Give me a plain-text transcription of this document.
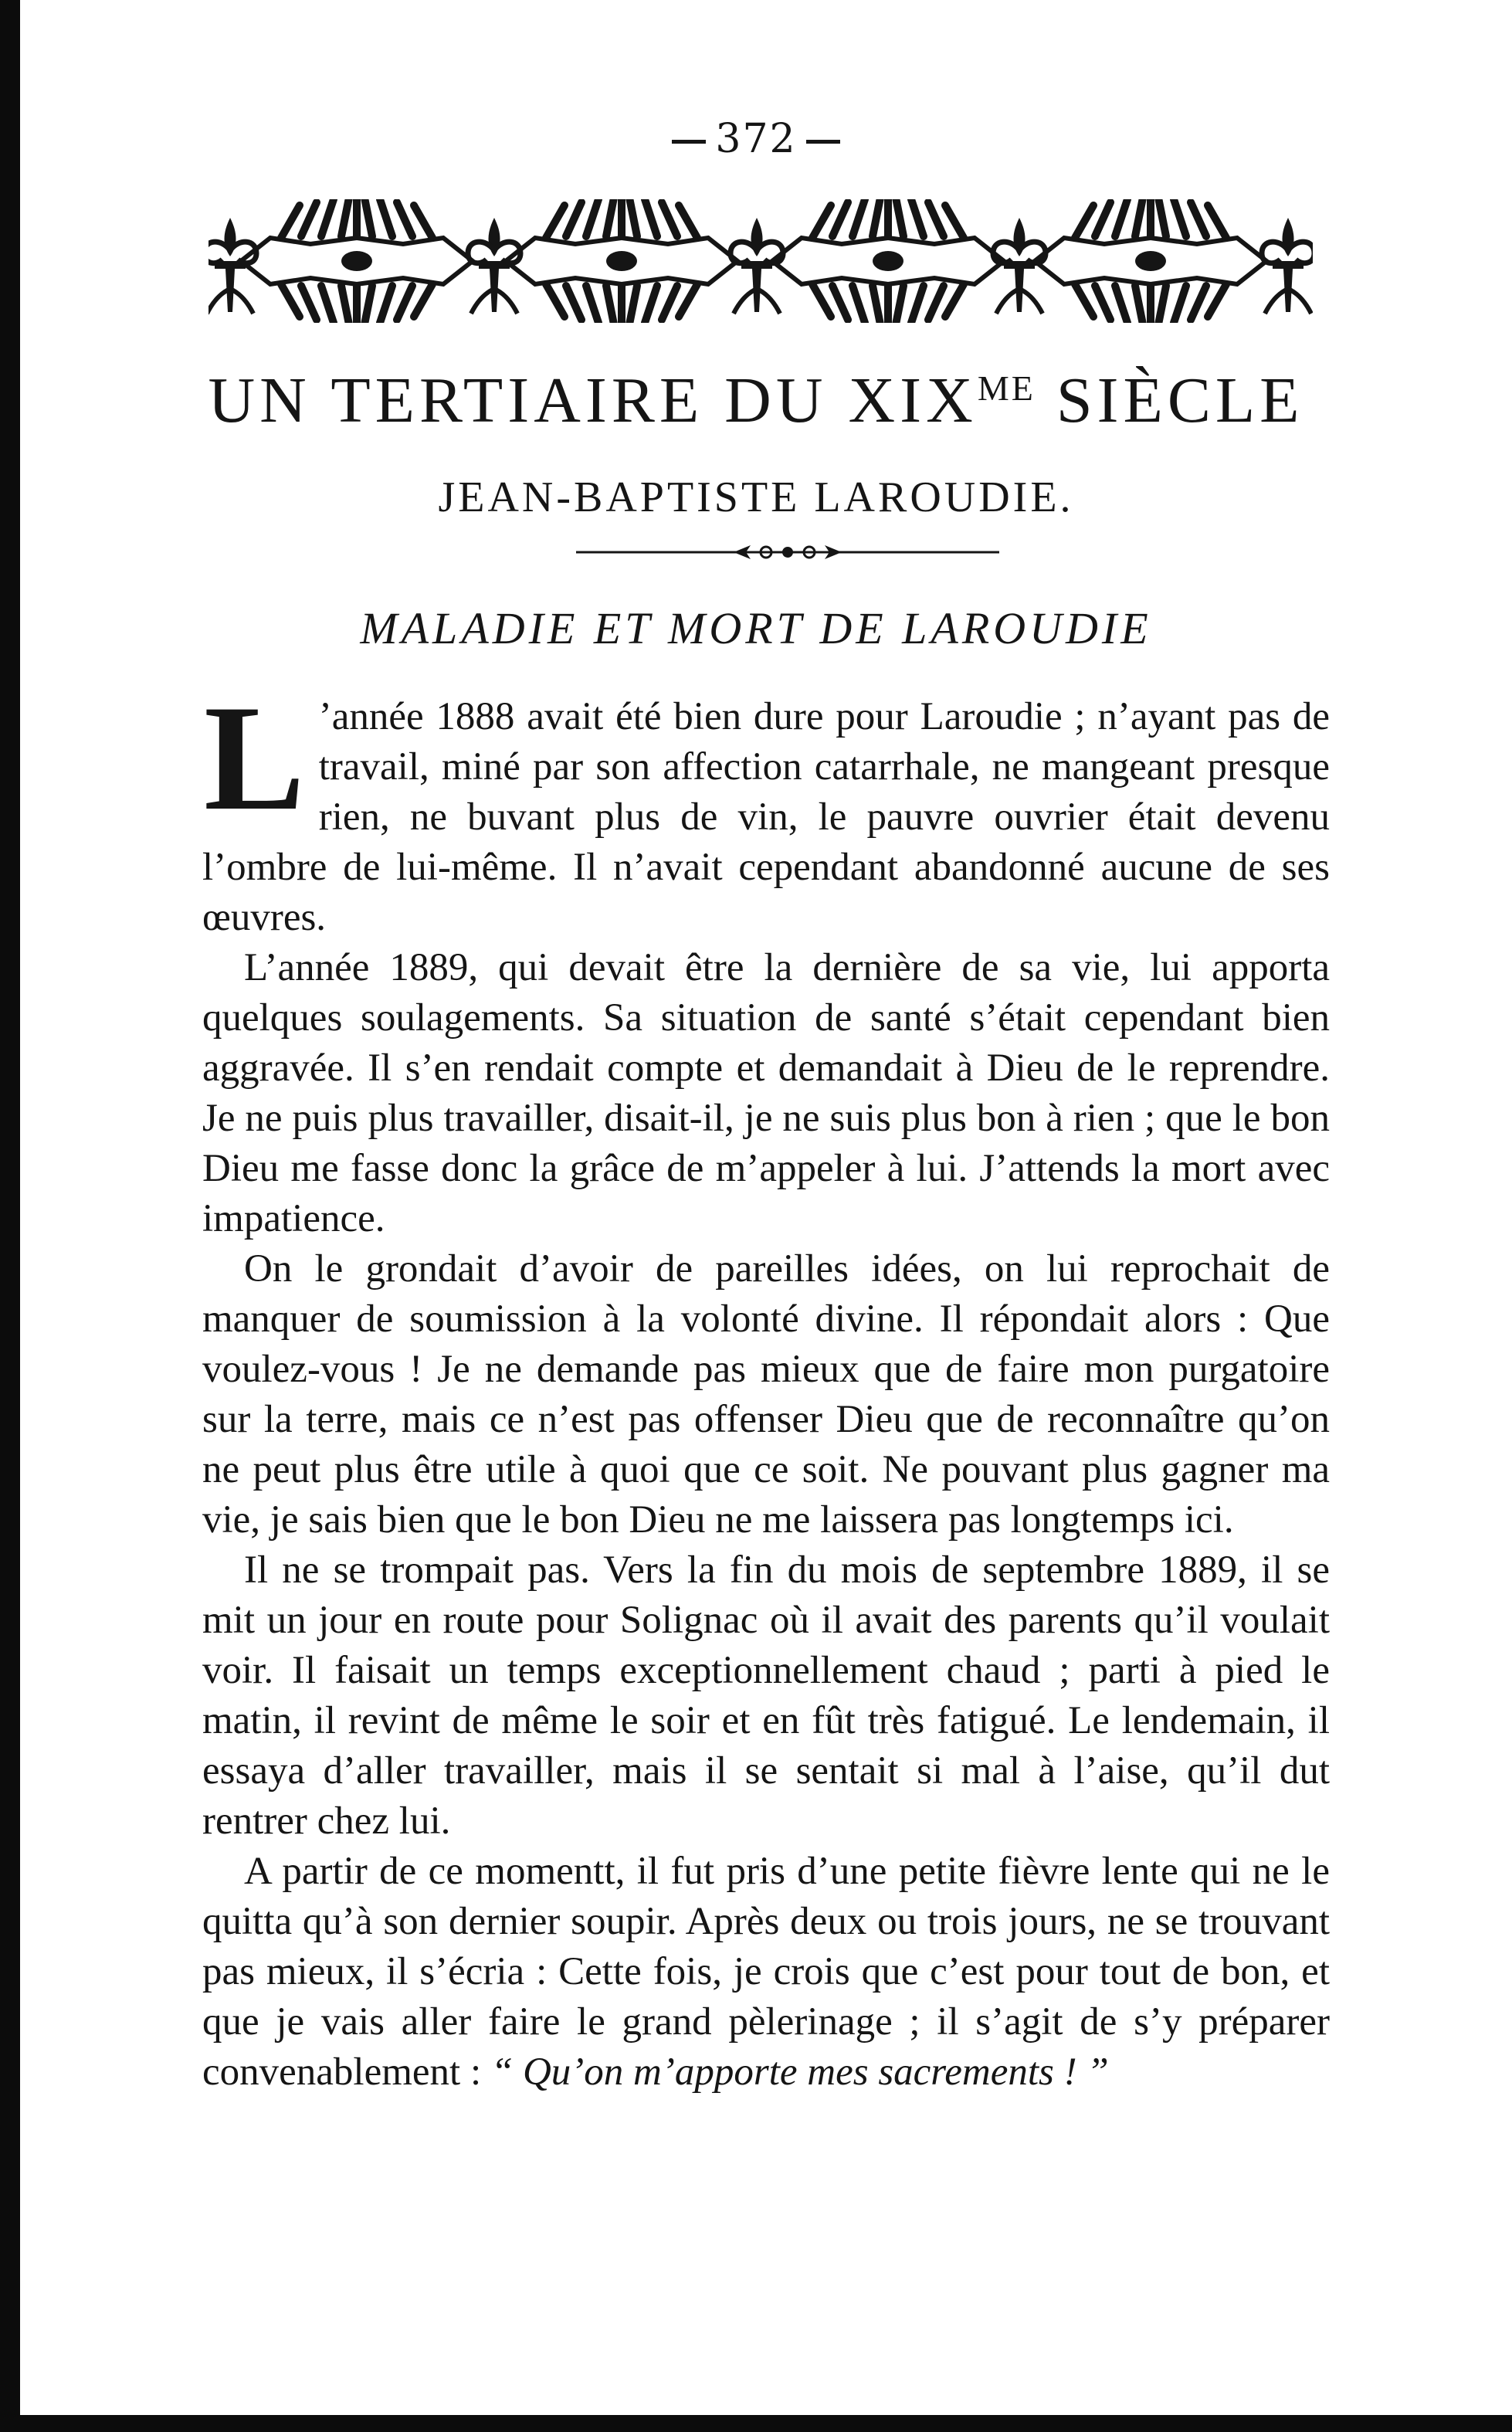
372
UN TERTIAIRE DU $XIX^{ME}$ SIÈCLE
JEAN-BAPTISTE LAROUDIE.
MALADIE ET MORT DE LAROUDIE

L ’année 1888 avait été bien dure pour Laroudie ; n’ayant pas de travail, miné par son affection catarrhale, ne mangeant presque rien, ne buvant plus de vin, le pauvre ouvrier était devenu l’ombre de lui-même. Il n’avait cependant abandonné aucune de ses œuvres.

L’année 1889, qui devait être la dernière de sa vie, lui apporta quelques soulagements. Sa situation de santé s’était cependant bien aggravée. Il s’en rendait compte et demandait à Dieu de le reprendre. Je ne puis plus travailler, disait-il, je ne suis plus bon à rien ; que le bon Dieu me fasse donc la grâce de m’appeler à lui. J’attends la mort avec impatience.

On le grondait d’avoir de pareilles idées, on lui reprochait de manquer de soumission à la volonté divine. Il répondait alors : Que voulez-vous ! Je ne demande pas mieux que de faire mon purgatoire sur la terre, mais ce n’est pas offenser Dieu que de reconnaître qu’on ne peut plus être utile à quoi que ce soit. Ne pouvant plus gagner ma vie, je sais bien que le bon Dieu ne me laissera pas longtemps ici.

Il ne se trompait pas. Vers la fin du mois de septembre 1889, il se mit un jour en route pour Solignac où il avait des parents qu’il voulait voir. Il faisait un temps exceptionnellement chaud ; parti à pied le matin, il revint de même le soir et en fût très fatigué. Le lendemain, il essaya d’aller travailler, mais il se sentait si mal à l’aise, qu’il dut rentrer chez lui.

A partir de ce momentt, il fut pris d’une petite fièvre lente qui ne le quitta qu’à son dernier soupir. Après deux ou trois jours, ne se trouvant pas mieux, il s’écria : Cette fois, je crois que c’est pour tout de bon, et que je vais aller faire le grand pèlerinage ; il s’agit de s’y préparer convenablement : “ Qu’on m’apporte mes sacrements ! ”
